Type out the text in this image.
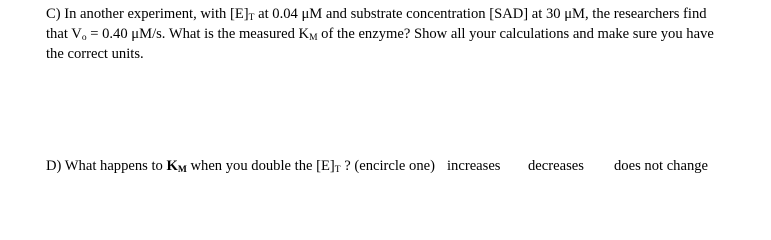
C) In another experiment, with $[E]_T$ at 0.04 μM and substrate concentration [SAD] at 30 μM, the researchers find
that $V_o = 0.40$ μM/s. What is the measured $K_M$ of the enzyme? Show all your calculations and make sure you have
the correct units.
D) What happens to $K_M$ when you double the $[E]_T$ ? (encircle one) increases decreases does not change
